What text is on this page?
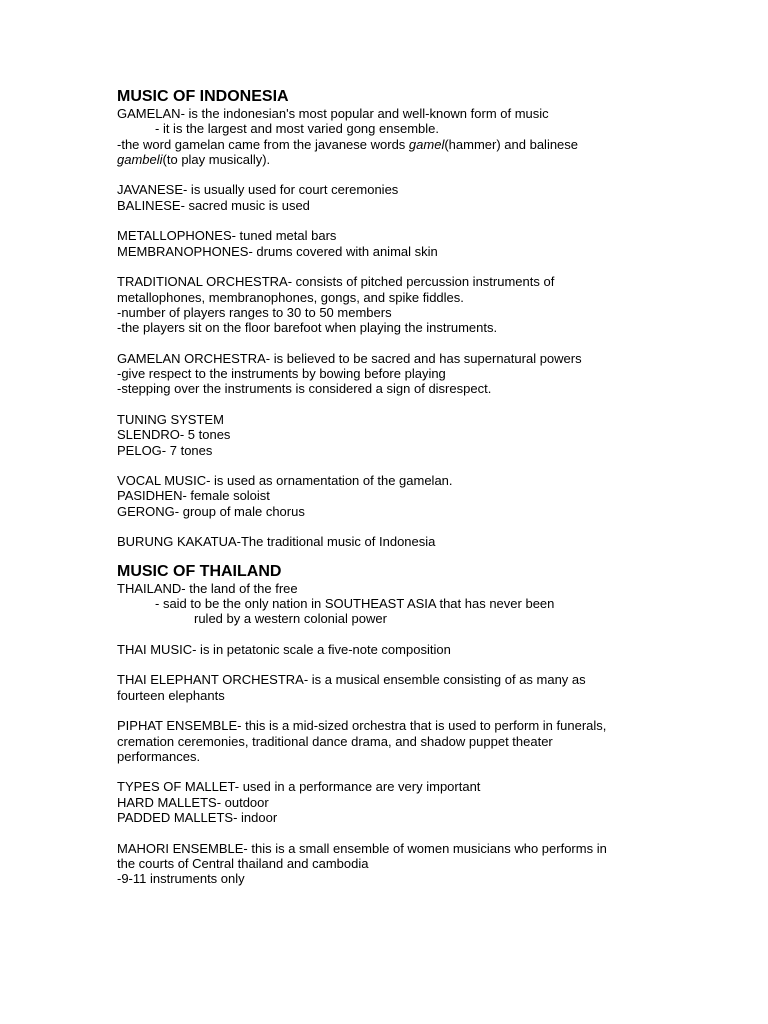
MUSIC OF INDONESIA
GAMELAN- is the indonesian's most popular and well-known form of music
- it is the largest and most varied gong ensemble.
-the word gamelan came from the javanese words gamel(hammer) and balinese
gambeli(to play musically).
JAVANESE- is usually used for court ceremonies
BALINESE- sacred music is used
METALLOPHONES- tuned metal bars
MEMBRANOPHONES- drums covered with animal skin
TRADITIONAL ORCHESTRA- consists of pitched percussion instruments of
metallophones, membranophones, gongs, and spike fiddles.
-number of players ranges to 30 to 50 members
-the players sit on the floor barefoot when playing the instruments.
GAMELAN ORCHESTRA- is believed to be sacred and has supernatural powers
-give respect to the instruments by bowing before playing
-stepping over the instruments is considered a sign of disrespect.
TUNING SYSTEM
SLENDRO- 5 tones
PELOG- 7 tones
VOCAL MUSIC- is used as ornamentation of the gamelan.
PASIDHEN- female soloist
GERONG- group of male chorus
BURUNG KAKATUA-The traditional music of Indonesia
MUSIC OF THAILAND
THAILAND- the land of the free
- said to be the only nation in SOUTHEAST ASIA that has never been
ruled by a western colonial power
THAI MUSIC- is in petatonic scale a five-note composition
THAI ELEPHANT ORCHESTRA- is a musical ensemble consisting of as many as
fourteen elephants
PIPHAT ENSEMBLE- this is a mid-sized orchestra that is used to perform in funerals,
cremation ceremonies, traditional dance drama, and shadow puppet theater
performances.
TYPES OF MALLET- used in a performance are very important
HARD MALLETS- outdoor
PADDED MALLETS- indoor
MAHORI ENSEMBLE- this is a small ensemble of women musicians who performs in
the courts of Central thailand and cambodia
-9-11 instruments only
